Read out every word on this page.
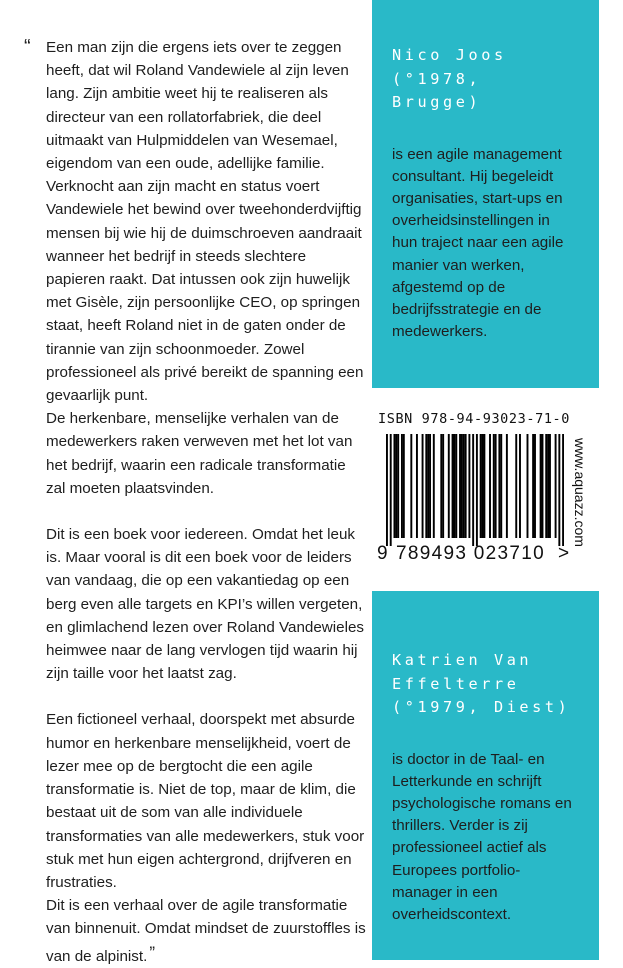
“ Een man zijn die ergens iets over te zeggen heeft, dat wil Roland Vandewiele al zijn leven lang. Zijn ambitie weet hij te realiseren als directeur van een rollatorfabriek, die deel uitmaakt van Hulpmiddelen van Wesemael, eigendom van een oude, adellijke familie. Verknocht aan zijn macht en status voert Vandewiele het bewind over tweehonderdvijftig mensen bij wie hij de duimschroeven aandraait wanneer het bedrijf in steeds slechtere papieren raakt. Dat intussen ook zijn huwelijk met Gisèle, zijn persoonlijke CEO, op springen staat, heeft Roland niet in de gaten onder de tirannie van zijn schoonmoeder. Zowel professioneel als privé bereikt de spanning een gevaarlijk punt.

De herkenbare, menselijke verhalen van de medewerkers raken verweven met het lot van het bedrijf, waarin een radicale transformatie zal moeten plaatsvinden.

Dit is een boek voor iedereen. Omdat het leuk is. Maar vooral is dit een boek voor de leiders van vandaag, die op een vakantiedag op een berg even alle targets en KPI’s willen vergeten, en glimlachend lezen over Roland Vandewieles heimwee naar de lang vervlogen tijd waarin hij zijn taille voor het laatst zag.

Een fictioneel verhaal, doorspekt met absurde humor en herkenbare menselijkheid, voert de lezer mee op de bergtocht die een agile transformatie is. Niet de top, maar de klim, die bestaat uit de som van alle individuele transformaties van alle medewerkers, stuk voor stuk met hun eigen achtergrond, drijfveren en frustraties.

Dit is een verhaal over de agile transformatie van binnenuit. Omdat mindset de zuurstoffles is van de alpinist. ”

Nico Joos (°1978, Brugge)
is een agile management consultant. Hij begeleidt organisaties, start-ups en overheidsinstellingen in hun traject naar een agile manier van werken, afgestemd op de bedrijfsstrategie en de medewerkers.
ISBN 978-94-93023-71-0
9 789493 023710 >
www.aquazz.com
Katrien Van Effelterre (°1979, Diest)
is doctor in de Taal- en Letterkunde en schrijft psychologische romans en thrillers. Verder is zij professioneel actief als Europees portfolio-manager in een overheidscontext.
